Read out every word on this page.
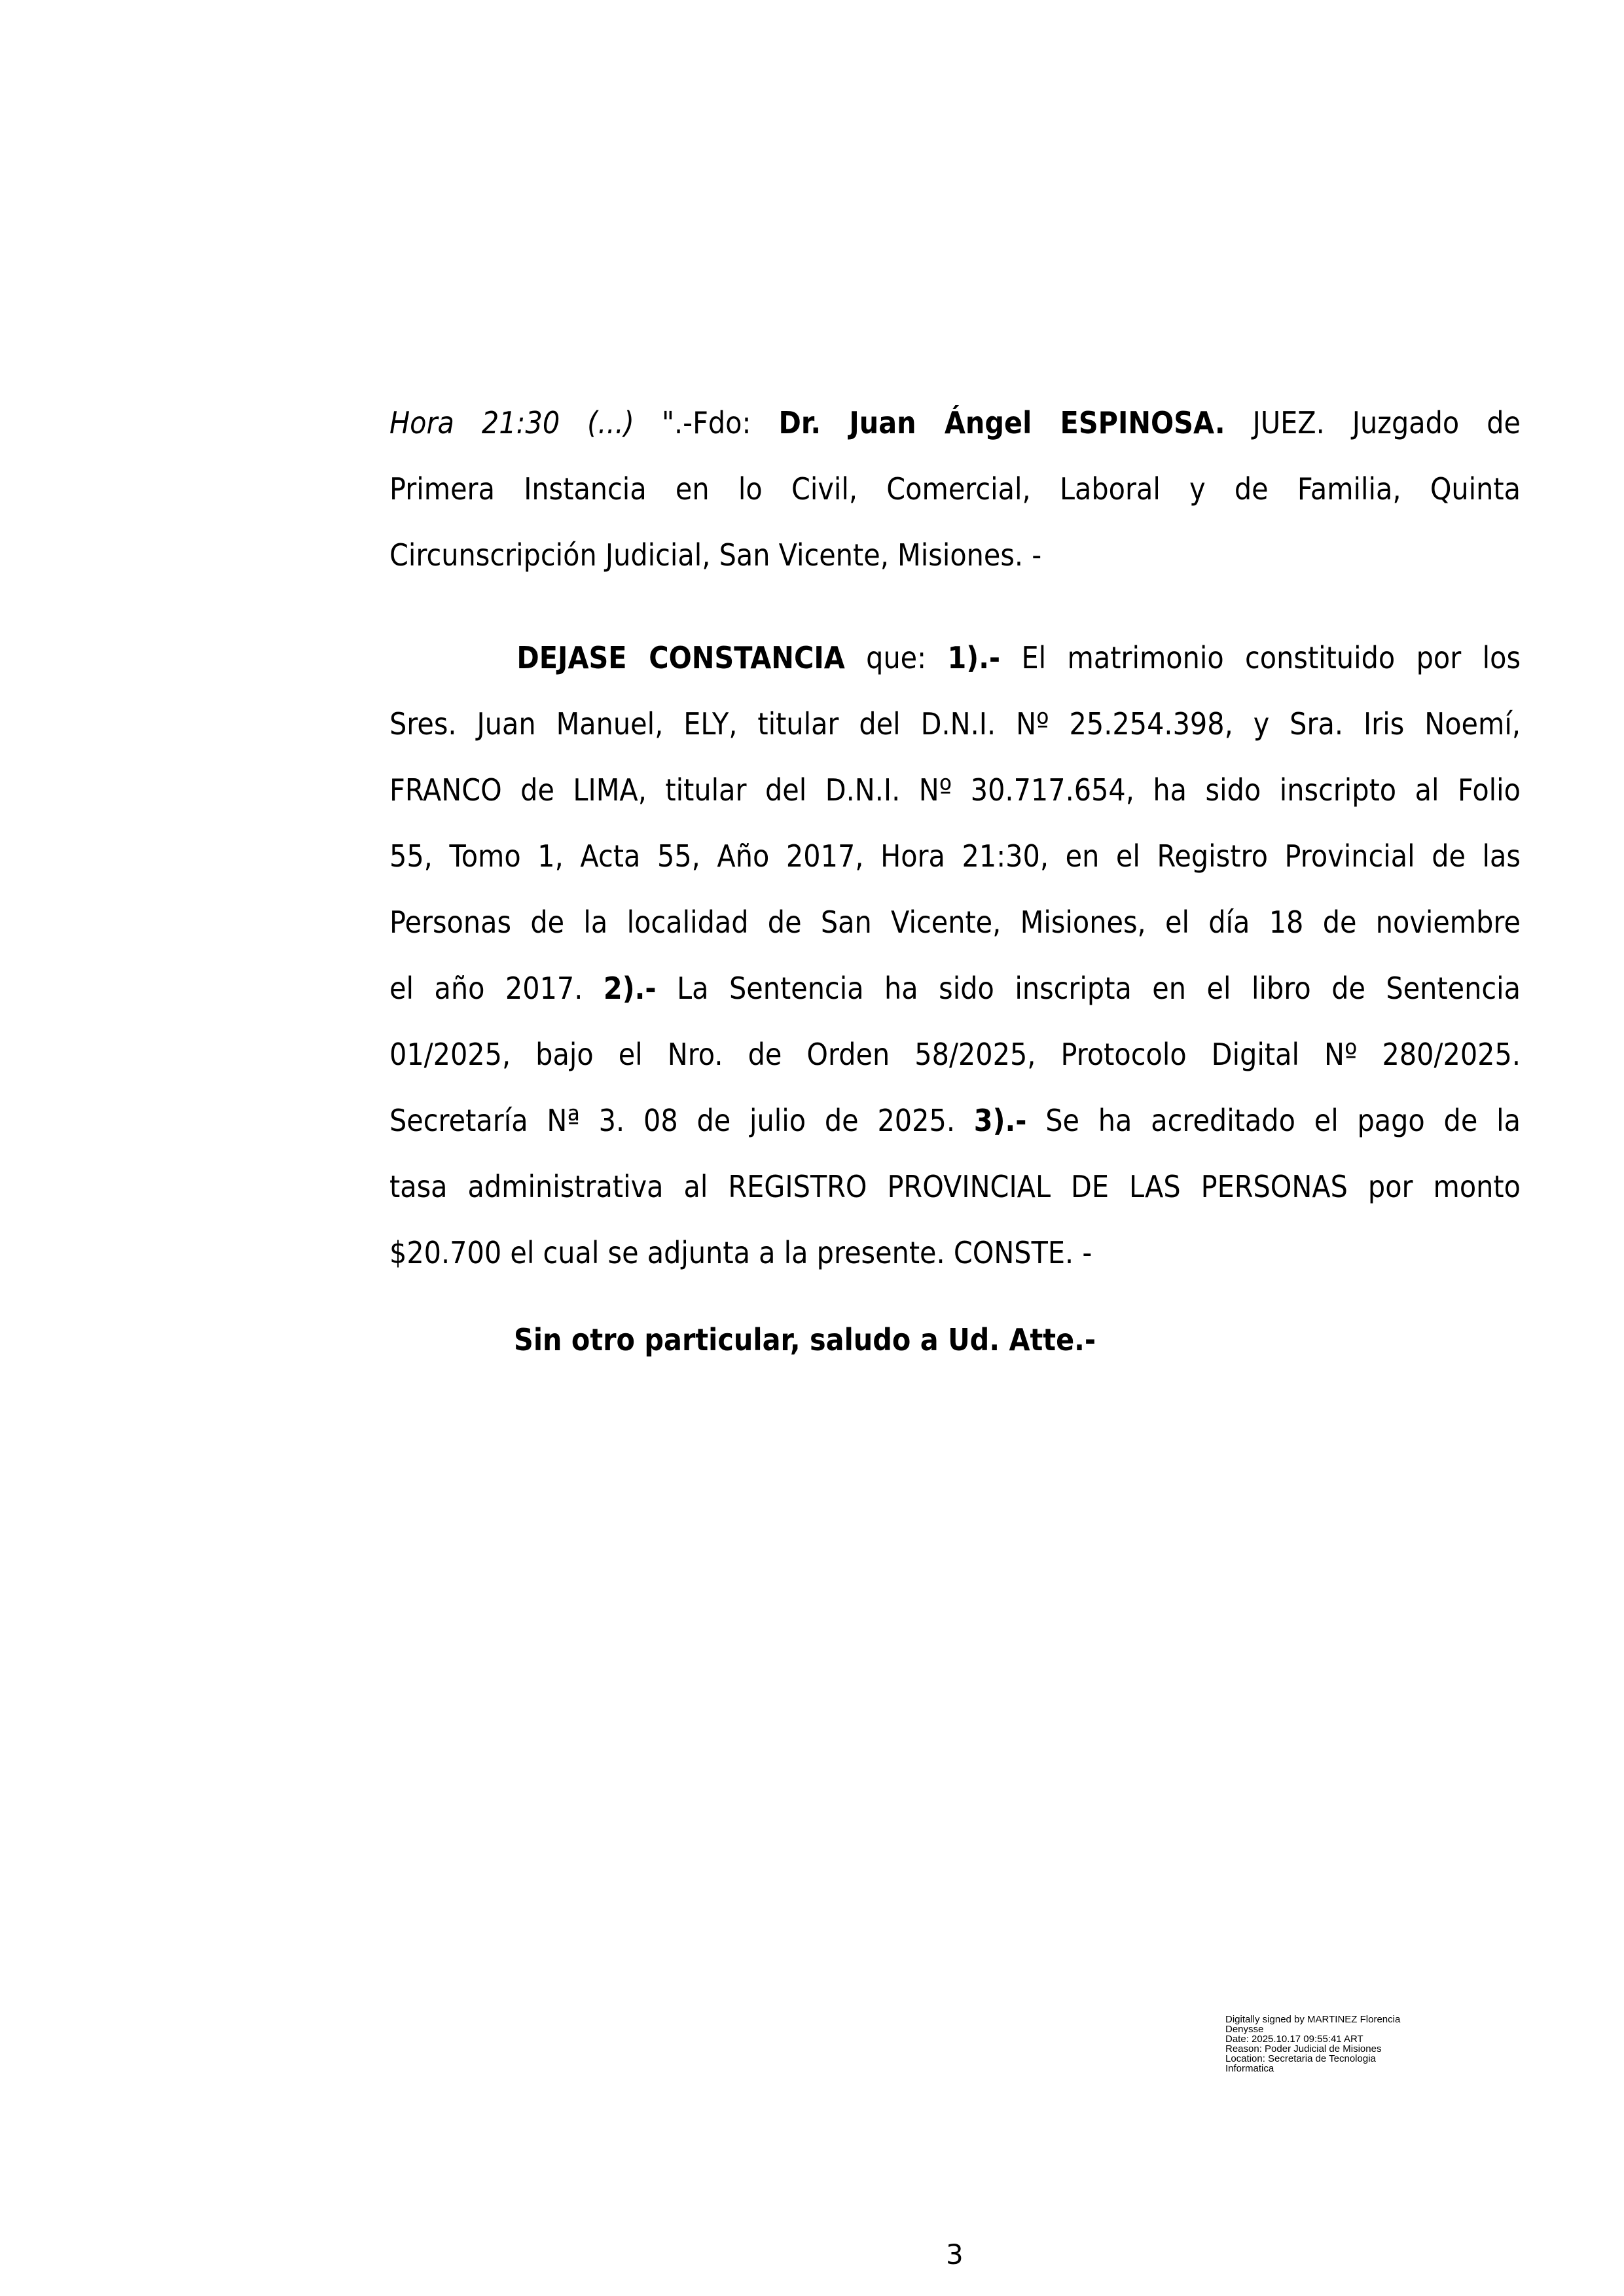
Hora 21:30 (...) ".-Fdo: Dr. Juan Ángel ESPINOSA. JUEZ. Juzgado de
Primera Instancia en lo Civil, Comercial, Laboral y de Familia, Quinta
Circunscripción Judicial, San Vicente, Misiones. -
DEJASE CONSTANCIA que: 1).- El matrimonio constituido por los
Sres. Juan Manuel, ELY, titular del D.N.I. Nº 25.254.398, y Sra. Iris Noemí,
FRANCO de LIMA, titular del D.N.I. Nº 30.717.654, ha sido inscripto al Folio
55, Tomo 1, Acta 55, Año 2017, Hora 21:30, en el Registro Provincial de las
Personas de la localidad de San Vicente, Misiones, el día 18 de noviembre
el año 2017. 2).- La Sentencia ha sido inscripta en el libro de Sentencia
01/2025, bajo el Nro. de Orden 58/2025, Protocolo Digital Nº 280/2025.
Secretaría Nª 3. 08 de julio de 2025. 3).- Se ha acreditado el pago de la
tasa administrativa al REGISTRO PROVINCIAL DE LAS PERSONAS por monto
$20.700 el cual se adjunta a la presente. CONSTE. -
Sin otro particular, saludo a Ud. Atte.-
Digitally signed by MARTINEZ Florencia
Denysse
Date: 2025.10.17 09:55:41 ART
Reason: Poder Judicial de Misiones
Location: Secretaria de Tecnologia
Informatica
3
